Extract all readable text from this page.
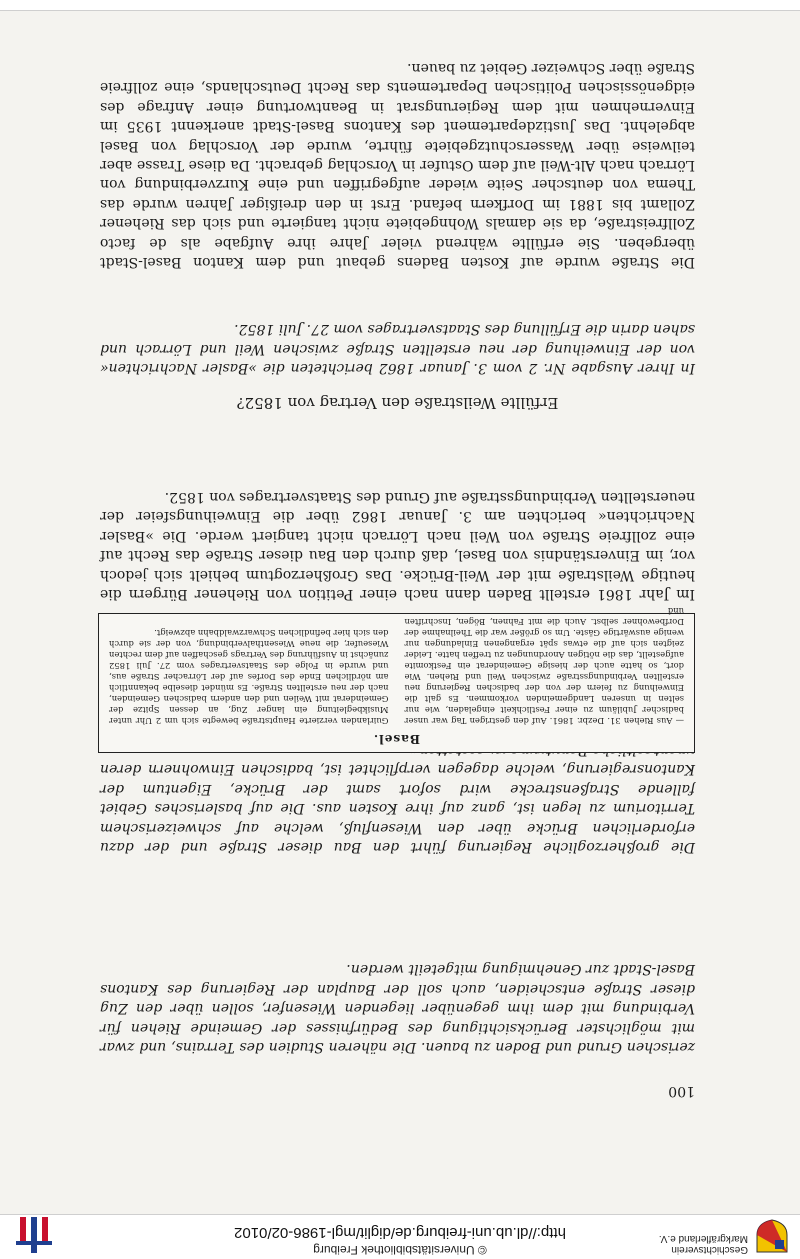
Geschichtsverein
Markgräflerland e.V.
© Universitätsbibliothek Freiburg
http://dl.ub.uni-freiburg.de/diglit/mgl-1986-02/0102
100
zerischen Grund und Boden zu bauen. Die näheren Studien des Terrains, und zwar mit möglichster Berücksichtigung des Bedürfnisses der Gemeinde Riehen für Verbindung mit dem ihm gegenüber liegenden Wiesenfer, sollen über den Zug dieser Straße entscheiden, auch soll der Bauplan der Regierung des Kantons Basel-Stadt zur Genehmigung mitgeteilt werden.
Die großherzogliche Regierung führt den Bau dieser Straße und der dazu erforderlichen Brücke über den Wiesenfluß, welche auf schweizerischem Territorium zu legen ist, ganz auf ihre Kosten aus. Die auf baslerisches Gebiet fallende Straßenstrecke wird sofort samt der Brücke, Eigentum der Kantonsregierung, welche dagegen verpflichtet ist, badischen Einwohnern deren
Basel.
— Aus Riehen 31. Dezbr. 1861. Auf den gestrigen Tag war unser badischer Jubiläum zu einer Festlichkeit eingeladen, wie nur selten in unseren Landgemeinden vorkommen. Es galt die Einweihung zu feiern der von der badischen Regierung neu erstellten Verbindungsstraße zwischen Weil und Riehen. Wie dort, so hatte auch der hiesige Gemeinderat ein Festkomite aufgestellt, das die nötigen Anordnungen zu treffen hatte. Leider zeigten sich auf die etwas spät ergangenen Einladungen nur wenige auswärtige Gäste. Um so größer war die Theilnahme der Dorfbewohner selbst. Auch die mit Fahnen, Bögen, Inschriften und
Guirlanden verzierte Hauptstraße bewegte sich um 2 Uhr unter Musikbegleitung ein langer Zug, an dessen Spitze der Gemeinderat mit Weilen und den andern badischen Gemeinden, nach der neu erstellten Straße. Es mündet dieselbe bekanntlich am nördlichen Ende des Dorfes auf der Lörracher Straße aus, und wurde in Folge des Staatsvertrages vom 27. Juli 1852 zunächst in Ausführung des Vertrags geschaffen auf dem rechten Wieseufer, die neue Wiesenthalverbindung, von der sie durch den sich hier befindlichen Schwarzwaldbahn abzweigt.
Im Jahr 1861 erstellt Baden dann nach einer Petition von Riehener Bürgern die heutige Weilstraße mit der Weil-Brücke. Das Großherzogtum behielt sich jedoch vor, im Einverständnis von Basel, daß durch den Bau dieser Straße das Recht auf eine zollfreie Straße von Weil nach Lörrach nicht tangiert werde. Die »Basler Nachrichten« berichten am 3. Januar 1862 über die Einweihungsfeier der neuerstellten Verbindungsstraße auf Grund des Staatsvertrages von 1852.
Erfüllte Weilstraße den Vertrag von 1852?
In Ihrer Ausgabe Nr. 2 vom 3. Januar 1862 berichteten die »Basler Nachrichten« von der Einweihung der neu erstellten Straße zwischen Weil und Lörrach und sahen darin die Erfüllung des Staatsvertrages vom 27. Juli 1852.
Die Straße wurde auf Kosten Badens gebaut und dem Kanton Basel-Stadt übergeben. Sie erfüllte während vieler Jahre ihre Aufgabe als de facto Zollfreistraße, da sie damals Wohngebiete nicht tangierte und sich das Riehener Zollamt bis 1881 im Dorfkern befand. Erst in den dreißiger Jahren wurde das Thema von deutscher Seite wieder aufgegriffen und eine Kurzverbindung von Lörrach nach Alt-Weil auf dem Ostufer in Vorschlag gebracht. Da diese Trasse aber teilweise über Wasserschutzgebiete führte, wurde der Vorschlag von Basel abgelehnt. Das Justizdepartement des Kantons Basel-Stadt anerkennt 1935 im Einvernehmen mit dem Regierungsrat in Beantwortung einer Anfrage des eidgenössischen Politischen Departements das Recht Deutschlands, eine zollfreie Straße über Schweizer Gebiet zu bauen.
